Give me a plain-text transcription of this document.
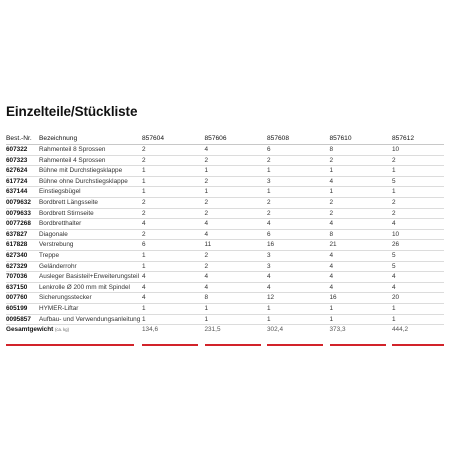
Einzelteile/Stückliste
Best.-Nr.	Bezeichnung	857604	857606	857608	857610	857612
607322	Rahmenteil 8 Sprossen	2	4	6	8	10
607323	Rahmenteil 4 Sprossen	2	2	2	2	2
627624	Bühne mit Durchstiegsklappe	1	1	1	1	1
617724	Bühne ohne Durchstiegsklappe	1	2	3	4	5
637144	Einstiegsbügel	1	1	1	1	1
0079632	Bordbrett Längsseite	2	2	2	2	2
0079633	Bordbrett Stirnseite	2	2	2	2	2
0077268	Bordbretthalter	4	4	4	4	4
637827	Diagonale	2	4	6	8	10
617828	Verstrebung	6	11	16	21	26
627340	Treppe	1	2	3	4	5
627329	Geländerrohr	1	2	3	4	5
707036	Ausleger Basisteil+Erweiterungsteil	4	4	4	4	4
637150	Lenkrolle Ø 200 mm mit Spindel	4	4	4	4	4
007760	Sicherungsstecker	4	8	12	16	20
605199	HYMER-Liftar	1	1	1	1	1
0095857	Aufbau- und Verwendungsanleitung	1	1	1	1	1
Gesamtgewicht (ca. kg)		134,6	231,5	302,4	373,3	444,2
